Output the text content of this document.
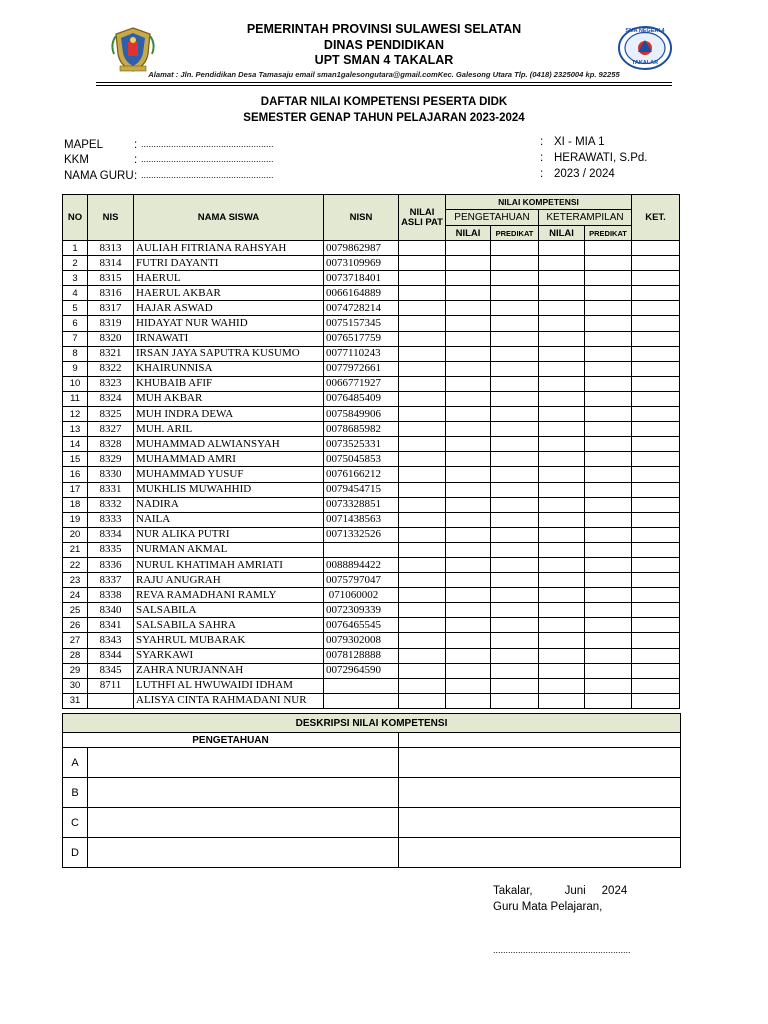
SMA NEGERI 4
TAKALAR
PEMERINTAH PROVINSI SULAWESI SELATAN
DINAS PENDIDIKAN
UPT SMAN 4 TAKALAR
Alamat : Jln. Pendidikan Desa Tamasaju email sman1galesongutara@gmail.comKec. Galesong Utara Tlp. (0418) 2325004 kp. 92255
DAFTAR NILAI KOMPETENSI PESERTA DIDK
SEMESTER GENAP TAHUN PELAJARAN 2023-2024
MAPEL	: .....................................................
KKM	: .....................................................
NAMA GURU : .....................................................
: XI - MIA 1
: HERAWATI, S.Pd.
: 2023 / 2024
NO	NIS	NAMA SISWA	NISN	NILAI ASLI PAT	NILAI KOMPETENSI				KET.
					PENGETAHUAN		KETERAMPILAN		
					NILAI	PREDIKAT	NILAI	PREDIKAT	
1	8313	AULIAH FITRIANA RAHSYAH	0079862987						
2	8314	FUTRI DAYANTI	0073109969						
3	8315	HAERUL	0073718401						
4	8316	HAERUL AKBAR	0066164889						
5	8317	HAJAR ASWAD	0074728214						
6	8319	HIDAYAT NUR WAHID	0075157345						
7	8320	IRNAWATI	0076517759						
8	8321	IRSAN JAYA SAPUTRA KUSUMO	0077110243						
9	8322	KHAIRUNNISA	0077972661						
10	8323	KHUBAIB AFIF	0066771927						
11	8324	MUH AKBAR	0076485409						
12	8325	MUH INDRA DEWA	0075849906						
13	8327	MUH. ARIL	0078685982						
14	8328	MUHAMMAD ALWIANSYAH	0073525331						
15	8329	MUHAMMAD AMRI	0075045853						
16	8330	MUHAMMAD YUSUF	0076166212						
17	8331	MUKHLIS MUWAHHID	0079454715						
18	8332	NADIRA	0073328851						
19	8333	NAILA	0071438563						
20	8334	NUR ALIKA PUTRI	0071332526						
21	8335	NURMAN AKMAL							
22	8336	NURUL KHATIMAH AMRIATI	0088894422						
23	8337	RAJU ANUGRAH	0075797047						
24	8338	REVA RAMADHANI RAMLY	071060002						
25	8340	SALSABILA	0072309339						
26	8341	SALSABILA SAHRA	0076465545						
27	8343	SYAHRUL MUBARAK	0079302008						
28	8344	SYARKAWI	0078128888						
29	8345	ZAHRA NURJANNAH	0072964590						
30	8711	LUTHFI AL HWUWAIDI IDHAM							
31		ALISYA CINTA RAHMADANI NUR							
DESKRIPSI NILAI KOMPETENSI		
PENGETAHUAN		
A		
B		
C		
D		
Takalar,          Juni     2024
Guru Mata Pelajaran,
.......................................................
